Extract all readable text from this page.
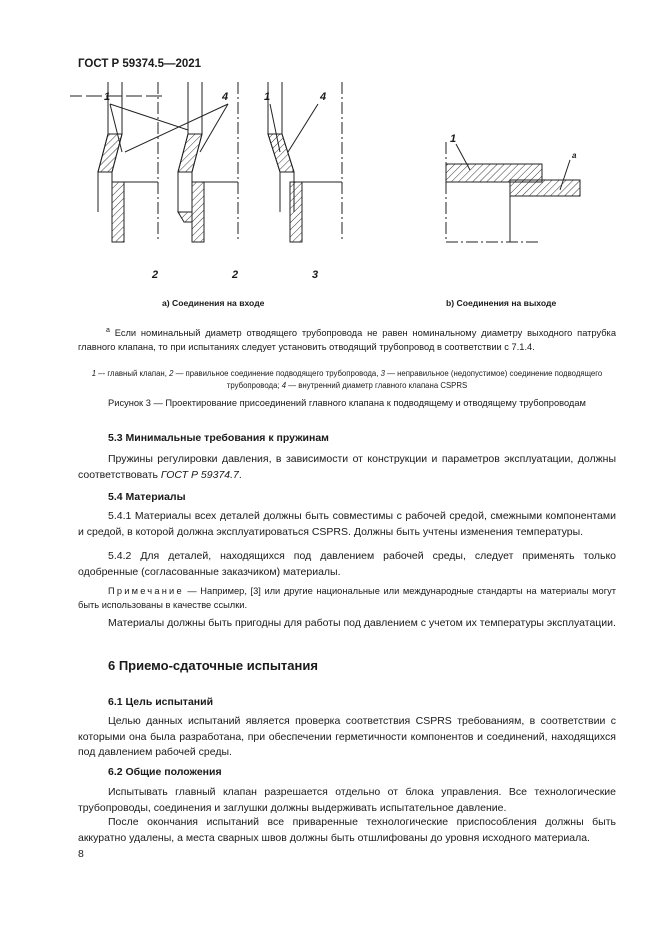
ГОСТ Р 59374.5—2021
1	4	1	4
2	2	3
1
a
а) Соединения на входе	b) Соединения на выходе
$^a$ Если номинальный диаметр отводящего трубопровода не равен номинальному диаметру выходного патрубка главного клапана, то при испытаниях следует установить отводящий трубопровод в соответствии с 7.1.4.
1 –- главный клапан, 2 — правильное соединение подводящего трубопровода, 3 — неправильное (недопустимое) соединение подводящего трубопровода; 4 — внутренний диаметр главного клапана CSPRS
Рисунок 3 — Проектирование присоединений главного клапана к подводящему и отводящему трубопроводам
5.3 Минимальные требования к пружинам
Пружины регулировки давления, в зависимости от конструкции и параметров эксплуатации, должны соответствовать ГОСТ Р 59374.7.
5.4 Материалы
5.4.1 Материалы всех деталей должны быть совместимы с рабочей средой, смежными компонентами и средой, в которой должна эксплуатироваться CSPRS. Должны быть учтены изменения температуры.
5.4.2 Для деталей, находящихся под давлением рабочей среды, следует применять только одобренные (согласованные заказчиком) материалы.
Примечание — Например, [3] или другие национальные или международные стандарты на материалы могут быть использованы в качестве ссылки.
Материалы должны быть пригодны для работы под давлением с учетом их температуры эксплуатации.
6 Приемо-сдаточные испытания
6.1 Цель испытаний
Целью данных испытаний является проверка соответствия CSPRS требованиям, в соответствии с которыми она была разработана, при обеспечении герметичности компонентов и соединений, находящихся под давлением рабочей среды.
6.2 Общие положения
Испытывать главный клапан разрешается отдельно от блока управления. Все технологические трубопроводы, соединения и заглушки должны выдерживать испытательное давление.
После окончания испытаний все приваренные технологические приспособления должны быть аккуратно удалены, а места сварных швов должны быть отшлифованы до уровня исходного материала.
8
